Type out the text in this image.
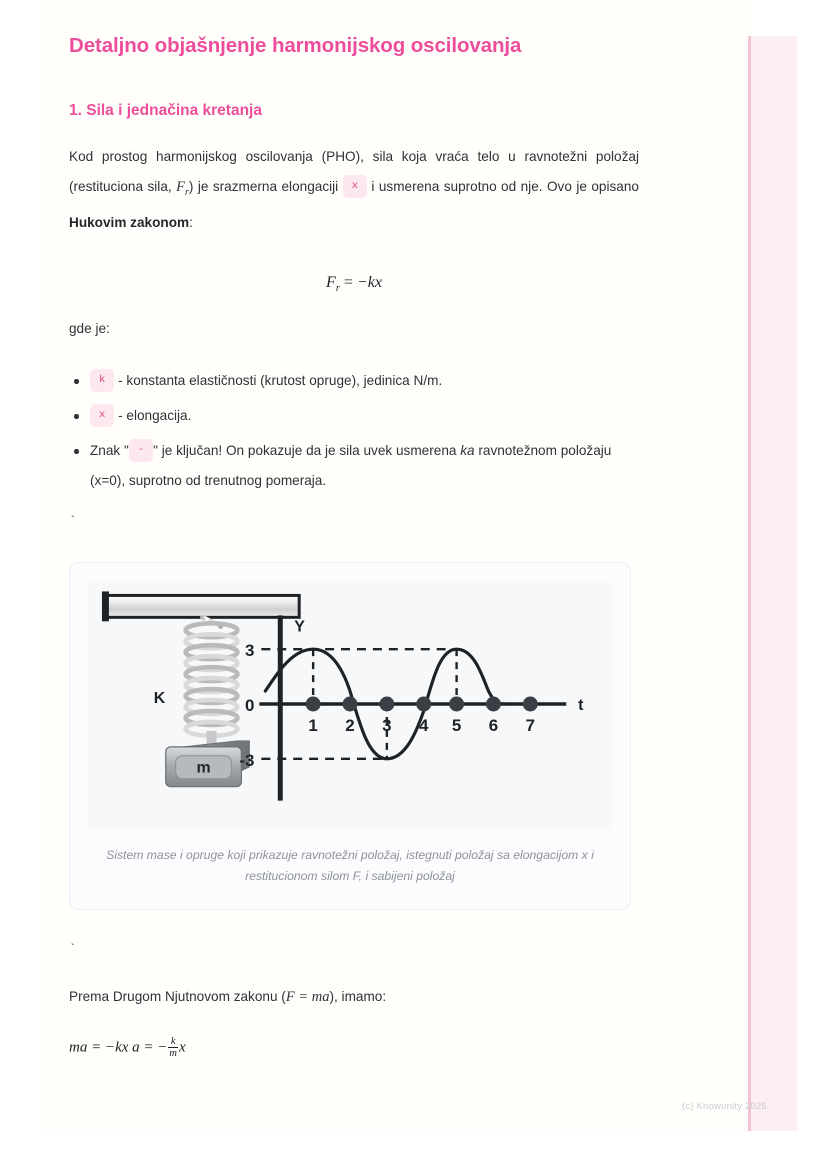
Detaljno objašnjenje harmonijskog oscilovanja
1. Sila i jednačina kretanja

Kod prostog harmonijskog oscilovanja (PHO), sila koja vraća telo u ravnotežni položaj (restituciona sila, $F_r$) je srazmerna elongaciji x i usmerena suprotno od nje. Ovo je opisano Hukovim zakonom:

$F_r = -kx$

gde je:

k - konstanta elastičnosti (krutost opruge), jedinica N/m.
x - elongacija.
Znak " - " je ključan! On pokazuje da je sila uvek usmerena ka ravnotežnom položaju (x=0), suprotno od trenutnog pomeraja.
`
m
K
Y
t
3
0
-3
1 2 3 4 5 6 7
Sistem mase i opruge koji prikazuje ravnotežni položaj, istegnuti položaj sa elongacijom x i restitucionom silom F, i sabijeni položaj
`

Prema Drugom Njutnovom zakonu (F = ma), imamo:

ma = −kx a = − $\frac{k}{m}$ x
(c) Knowunity 2025
